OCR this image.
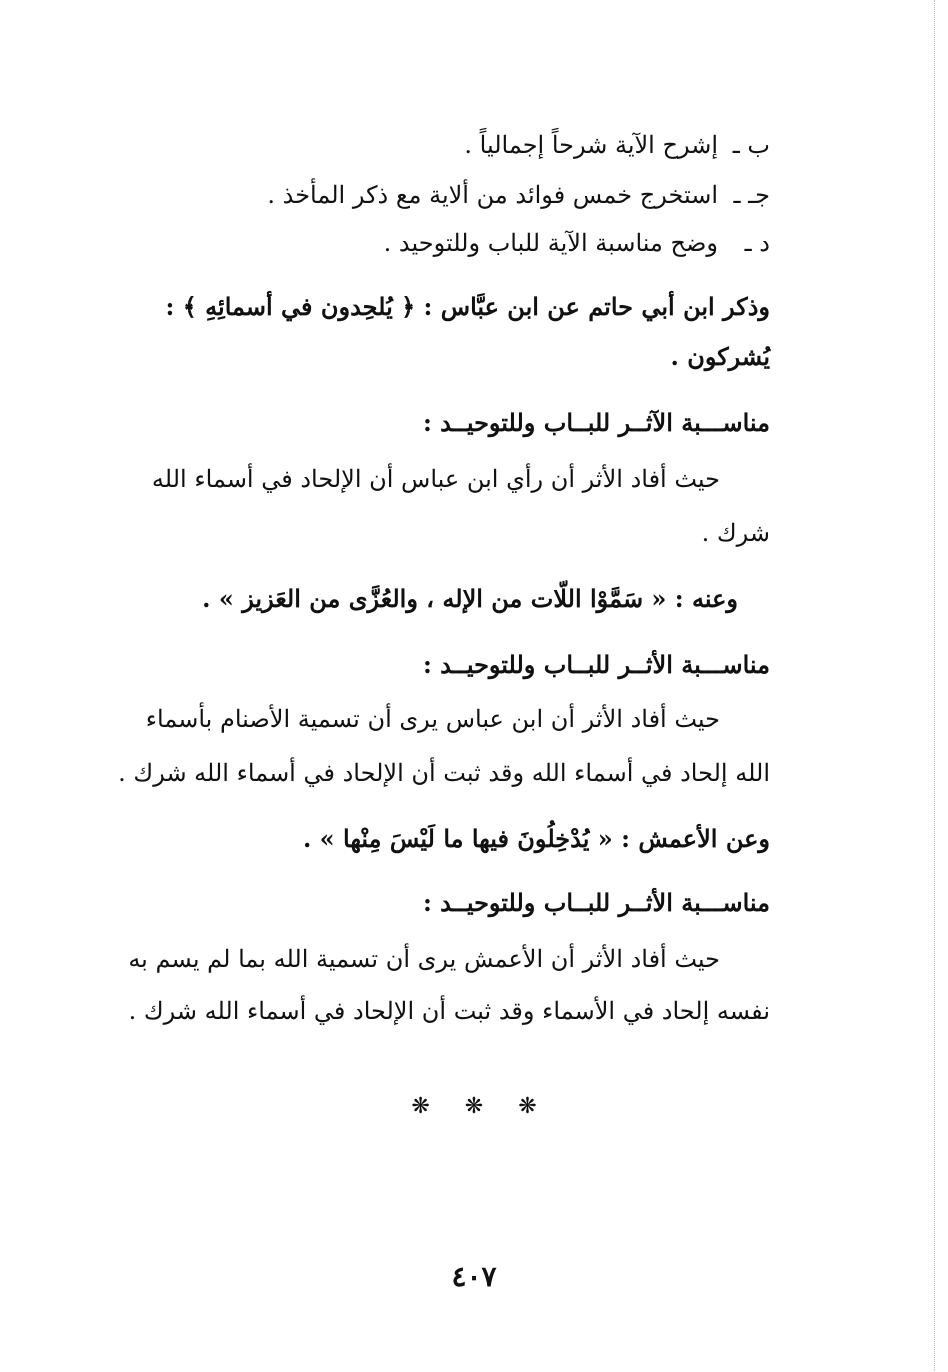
ب ـإشرح الآية شرحاً إجمالياً .
جـ ـاستخرج خمس فوائد من ألاية مع ذكر المأخذ .
د ـوضح مناسبة الآية للباب وللتوحيد .
وذكر ابن أبي حاتم عن ابن عبَّاس : ﴿ يُلحِدون في أسمائِهِ ﴾ :
يُشركون .
مناســـبة الآثــر للبــاب وللتوحيــد :
حيث أفاد الأثر أن رأي ابن عباس أن الإلحاد في أسماء الله
شرك .
وعنه : « سَمَّوْا اللّات من الإله ، والعُزَّى من العَزيز » .
مناســـبة الأثــر للبــاب وللتوحيــد :
حيث أفاد الأثر أن ابن عباس يرى أن تسمية الأصنام بأسماء
الله إلحاد في أسماء الله وقد ثبت أن الإلحاد في أسماء الله شرك .
وعن الأعمش : « يُدْخِلُونَ فيها ما لَيْسَ مِنْها » .
مناســـبة الأثــر للبــاب وللتوحيــد :
حيث أفاد الأثر أن الأعمش يرى أن تسمية الله بما لم يسم به
نفسه إلحاد في الأسماء وقد ثبت أن الإلحاد في أسماء الله شرك .
❋ ❋ ❋
٤٠٧
